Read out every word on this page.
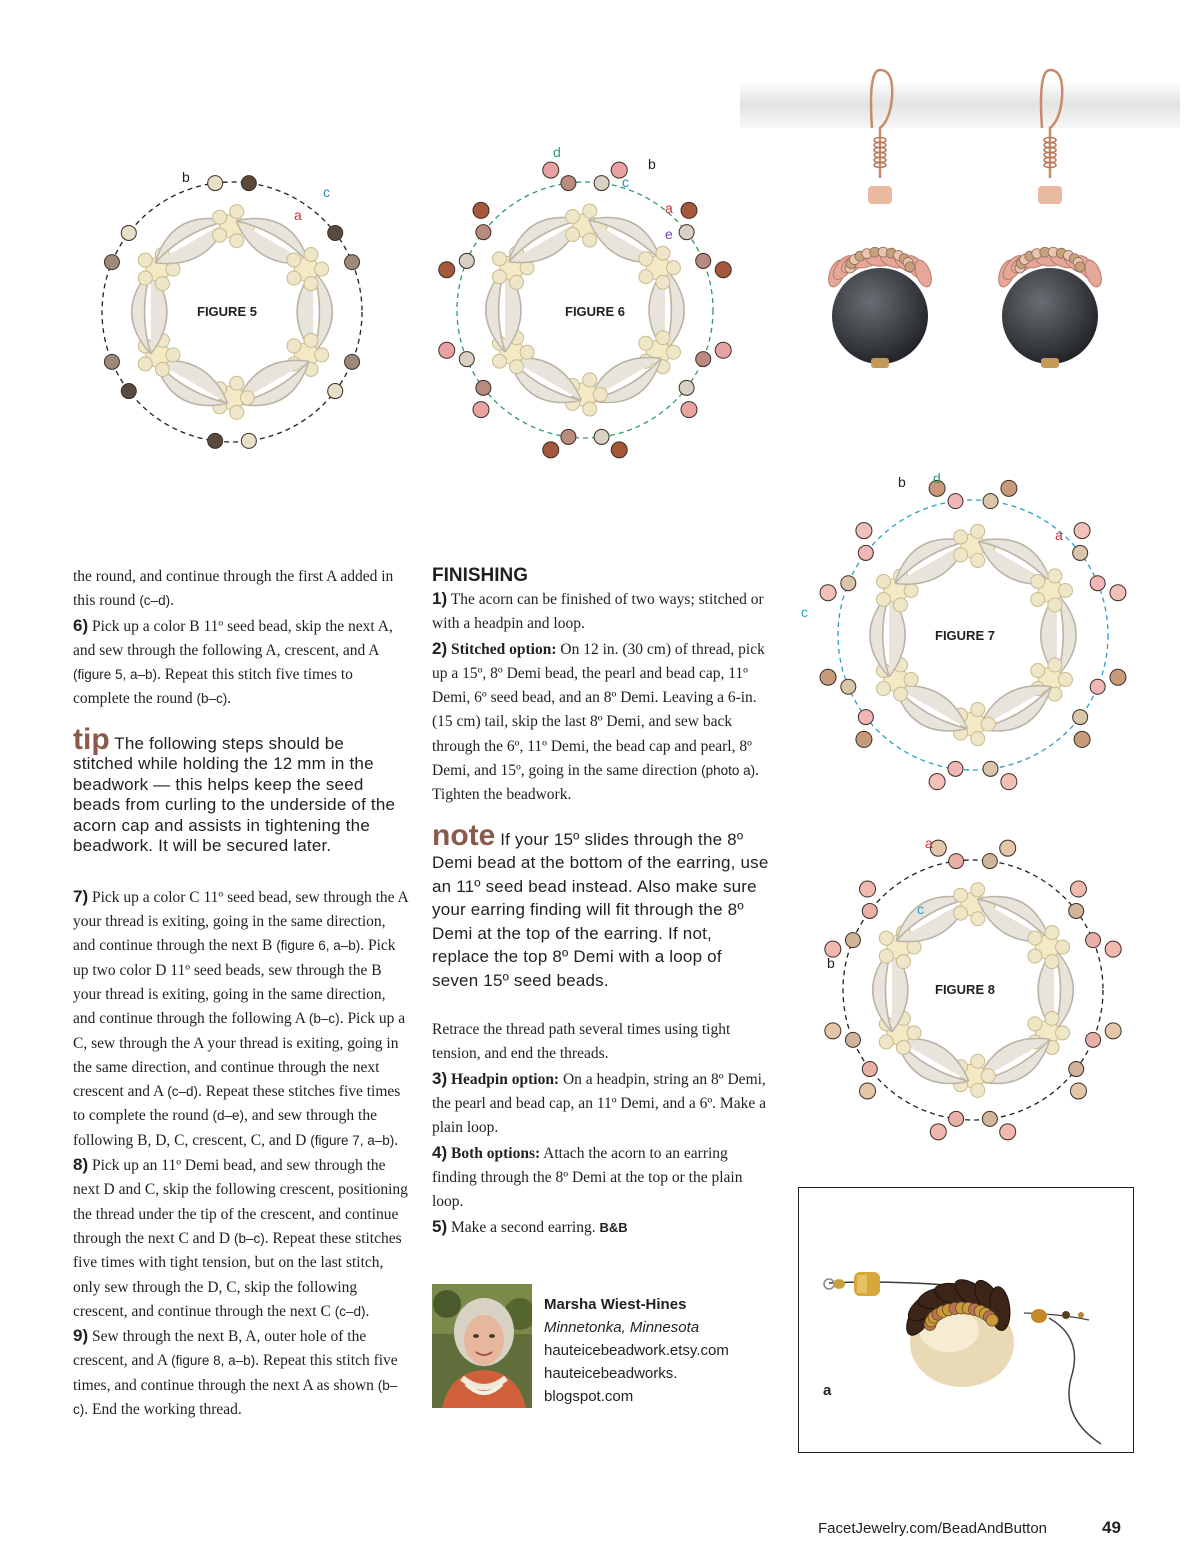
b
c
a
FIGURE 5
d
b
c
a
e
FIGURE 6
b d
c
a
FIGURE 7
a
b
c
FIGURE 8

the round, and continue through the first A added in this round (c–d).

6) Pick up a color B 11º seed bead, skip the next A, and sew through the following A, crescent, and A (figure 5, a–b). Repeat this stitch five times to complete the round (b–c).

tip The following steps should be stitched while holding the 12 mm in the beadwork — this helps keep the seed beads from curling to the underside of the acorn cap and assists in tightening the beadwork. It will be secured later.

7) Pick up a color C 11º seed bead, sew through the A your thread is exiting, going in the same direction, and continue through the next B (figure 6, a–b). Pick up two color D 11º seed beads, sew through the B your thread is exiting, going in the same direction, and continue through the following A (b–c). Pick up a C, sew through the A your thread is exiting, going in the same direction, and continue through the next crescent and A (c–d). Repeat these stitches five times to complete the round (d–e), and sew through the following B, D, C, crescent, C, and D (figure 7, a–b).

8) Pick up an 11º Demi bead, and sew through the next D and C, skip the following crescent, positioning the thread under the tip of the crescent, and continue through the next C and D (b–c). Repeat these stitches five times with tight tension, but on the last stitch, only sew through the D, C, skip the following crescent, and continue through the next C (c–d).

9) Sew through the next B, A, outer hole of the crescent, and A (figure 8, a–b). Repeat this stitch five times, and continue through the next A as shown (b–c). End the working thread.

FINISHING

1) The acorn can be finished of two ways; stitched or with a headpin and loop.

2) Stitched option: On 12 in. (30 cm) of thread, pick up a 15º, 8º Demi bead, the pearl and bead cap, 11º Demi, 6º seed bead, and an 8º Demi. Leaving a 6-in. (15 cm) tail, skip the last 8º Demi, and sew back through the 6º, 11º Demi, the bead cap and pearl, 8º Demi, and 15º, going in the same direction (photo a). Tighten the beadwork.

note If your 15º slides through the 8º Demi bead at the bottom of the earring, use an 11º seed bead instead. Also make sure your earring finding will fit through the 8º Demi at the top of the earring. If not, replace the top 8º Demi with a loop of seven 15º seed beads.

Retrace the thread path several times using tight tension, and end the threads.

3) Headpin option: On a headpin, string an 8º Demi, the pearl and bead cap, an 11º Demi, and a 6º. Make a plain loop.

4) Both options: Attach the acorn to an earring finding through the 8º Demi at the top or the plain loop.

5) Make a second earring. B&B

Marsha Wiest-Hines
Minnetonka, Minnesota
hauteicebeadwork.etsy.com
hauteicebeadworks.
blogspot.com	a
FacetJewelry.com/BeadAndButton	49
